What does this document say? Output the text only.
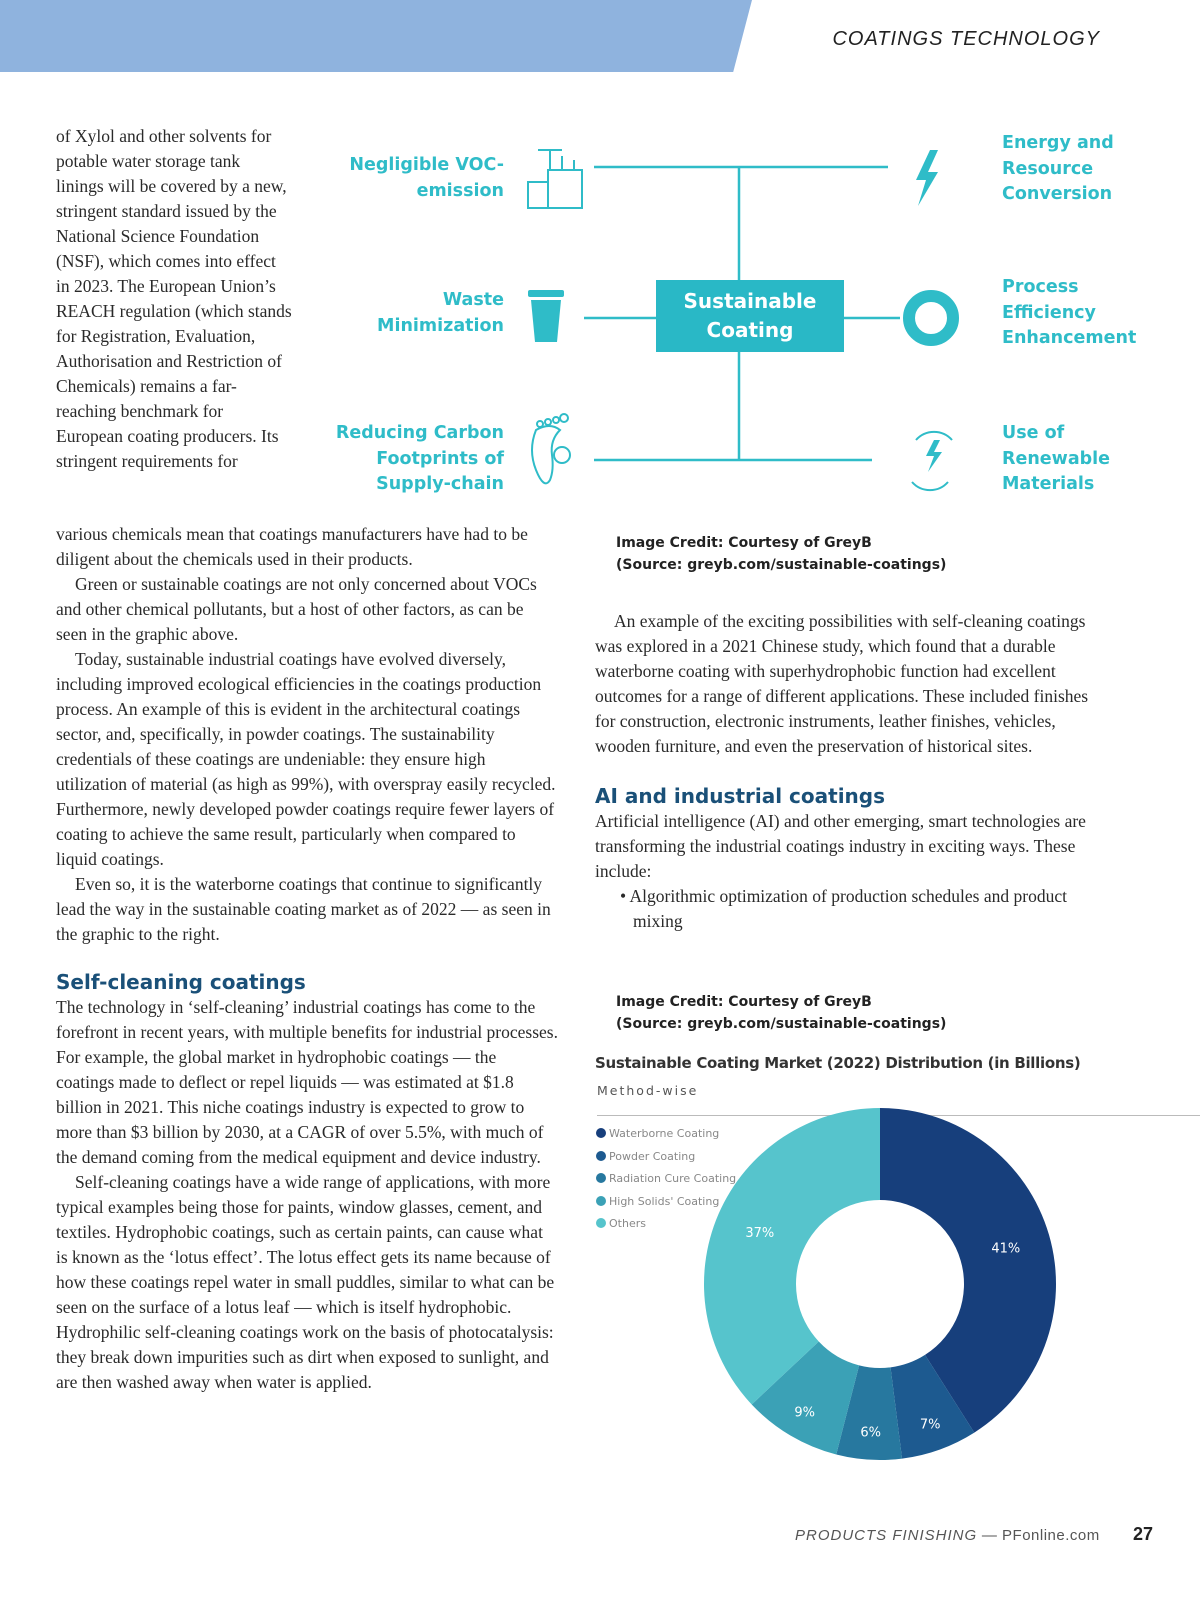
COATINGS TECHNOLOGY

of Xylol and other solvents for potable water storage tank linings will be covered by a new, stringent standard issued by the National Science Foundation (NSF), which comes into effect in 2023. The European Union’s REACH regulation (which stands for Registration, Evaluation, Authorisation and Restriction of Chemicals) remains a far-reaching benchmark for European coating producers. Its stringent requirements for

various chemicals mean that coatings manufacturers have had to be diligent about the chemicals used in their products.

Green or sustainable coatings are not only concerned about VOCs and other chemical pollutants, but a host of other factors, as can be seen in the graphic above.

Today, sustainable industrial coatings have evolved diversely, including improved ecological efficiencies in the coatings production process. An example of this is evident in the architectural coatings sector, and, specifically, in powder coatings. The sustainability credentials of these coatings are undeniable: they ensure high utilization of material (as high as 99%), with overspray easily recycled. Furthermore, newly developed powder coatings require fewer layers of coating to achieve the same result, particularly when compared to liquid coatings.

Even so, it is the waterborne coatings that continue to significantly lead the way in the sustainable coating market as of 2022 — as seen in the graphic to the right.

Self-cleaning coatings

The technology in ‘self-cleaning’ industrial coatings has come to the forefront in recent years, with multiple benefits for industrial processes. For example, the global market in hydrophobic coatings — the coatings made to deflect or repel liquids — was estimated at $1.8 billion in 2021. This niche coatings industry is expected to grow to more than $3 billion by 2030, at a CAGR of over 5.5%, with much of the demand coming from the medical equipment and device industry.

Self-cleaning coatings have a wide range of applications, with more typical examples being those for paints, window glasses, cement, and textiles. Hydrophobic coatings, such as certain paints, can cause what is known as the ‘lotus effect’. The lotus effect gets its name because of how these coatings repel water in small puddles, similar to what can be seen on the surface of a lotus leaf — which is itself hydrophobic. Hydrophilic self-cleaning coatings work on the basis of photocatalysis: they break down impurities such as dirt when exposed to sunlight, and are then washed away when water is applied.

Negligible VOC-emission
Waste Minimization
Reducing Carbon Footprints of Supply-chain
Sustainable Coating
Energy and Resource Conversion
Process Efficiency Enhancement
Use of Renewable Materials
Image Credit: Courtesy of GreyB
(Source: greyb.com/sustainable-coatings)

An example of the exciting possibilities with self-cleaning coatings was explored in a 2021 Chinese study, which found that a durable waterborne coating with superhydrophobic function had excellent outcomes for a range of different applications. These included finishes for construction, electronic instruments, leather finishes, vehicles, wooden furniture, and even the preservation of historical sites.

AI and industrial coatings

Artificial intelligence (AI) and other emerging, smart technologies are transforming the industrial coatings industry in exciting ways. These include:

• Algorithmic optimization of production schedules and product mixing
Image Credit: Courtesy of GreyB
(Source: greyb.com/sustainable-coatings)
Sustainable Coating Market (2022) Distribution (in Billions)
Method-wise
Waterborne Coating
Powder Coating
Radiation Cure Coating
High Solids' Coating
Others
41%
7%
6%
9%
37%
PRODUCTS FINISHING — PFonline.com 27
